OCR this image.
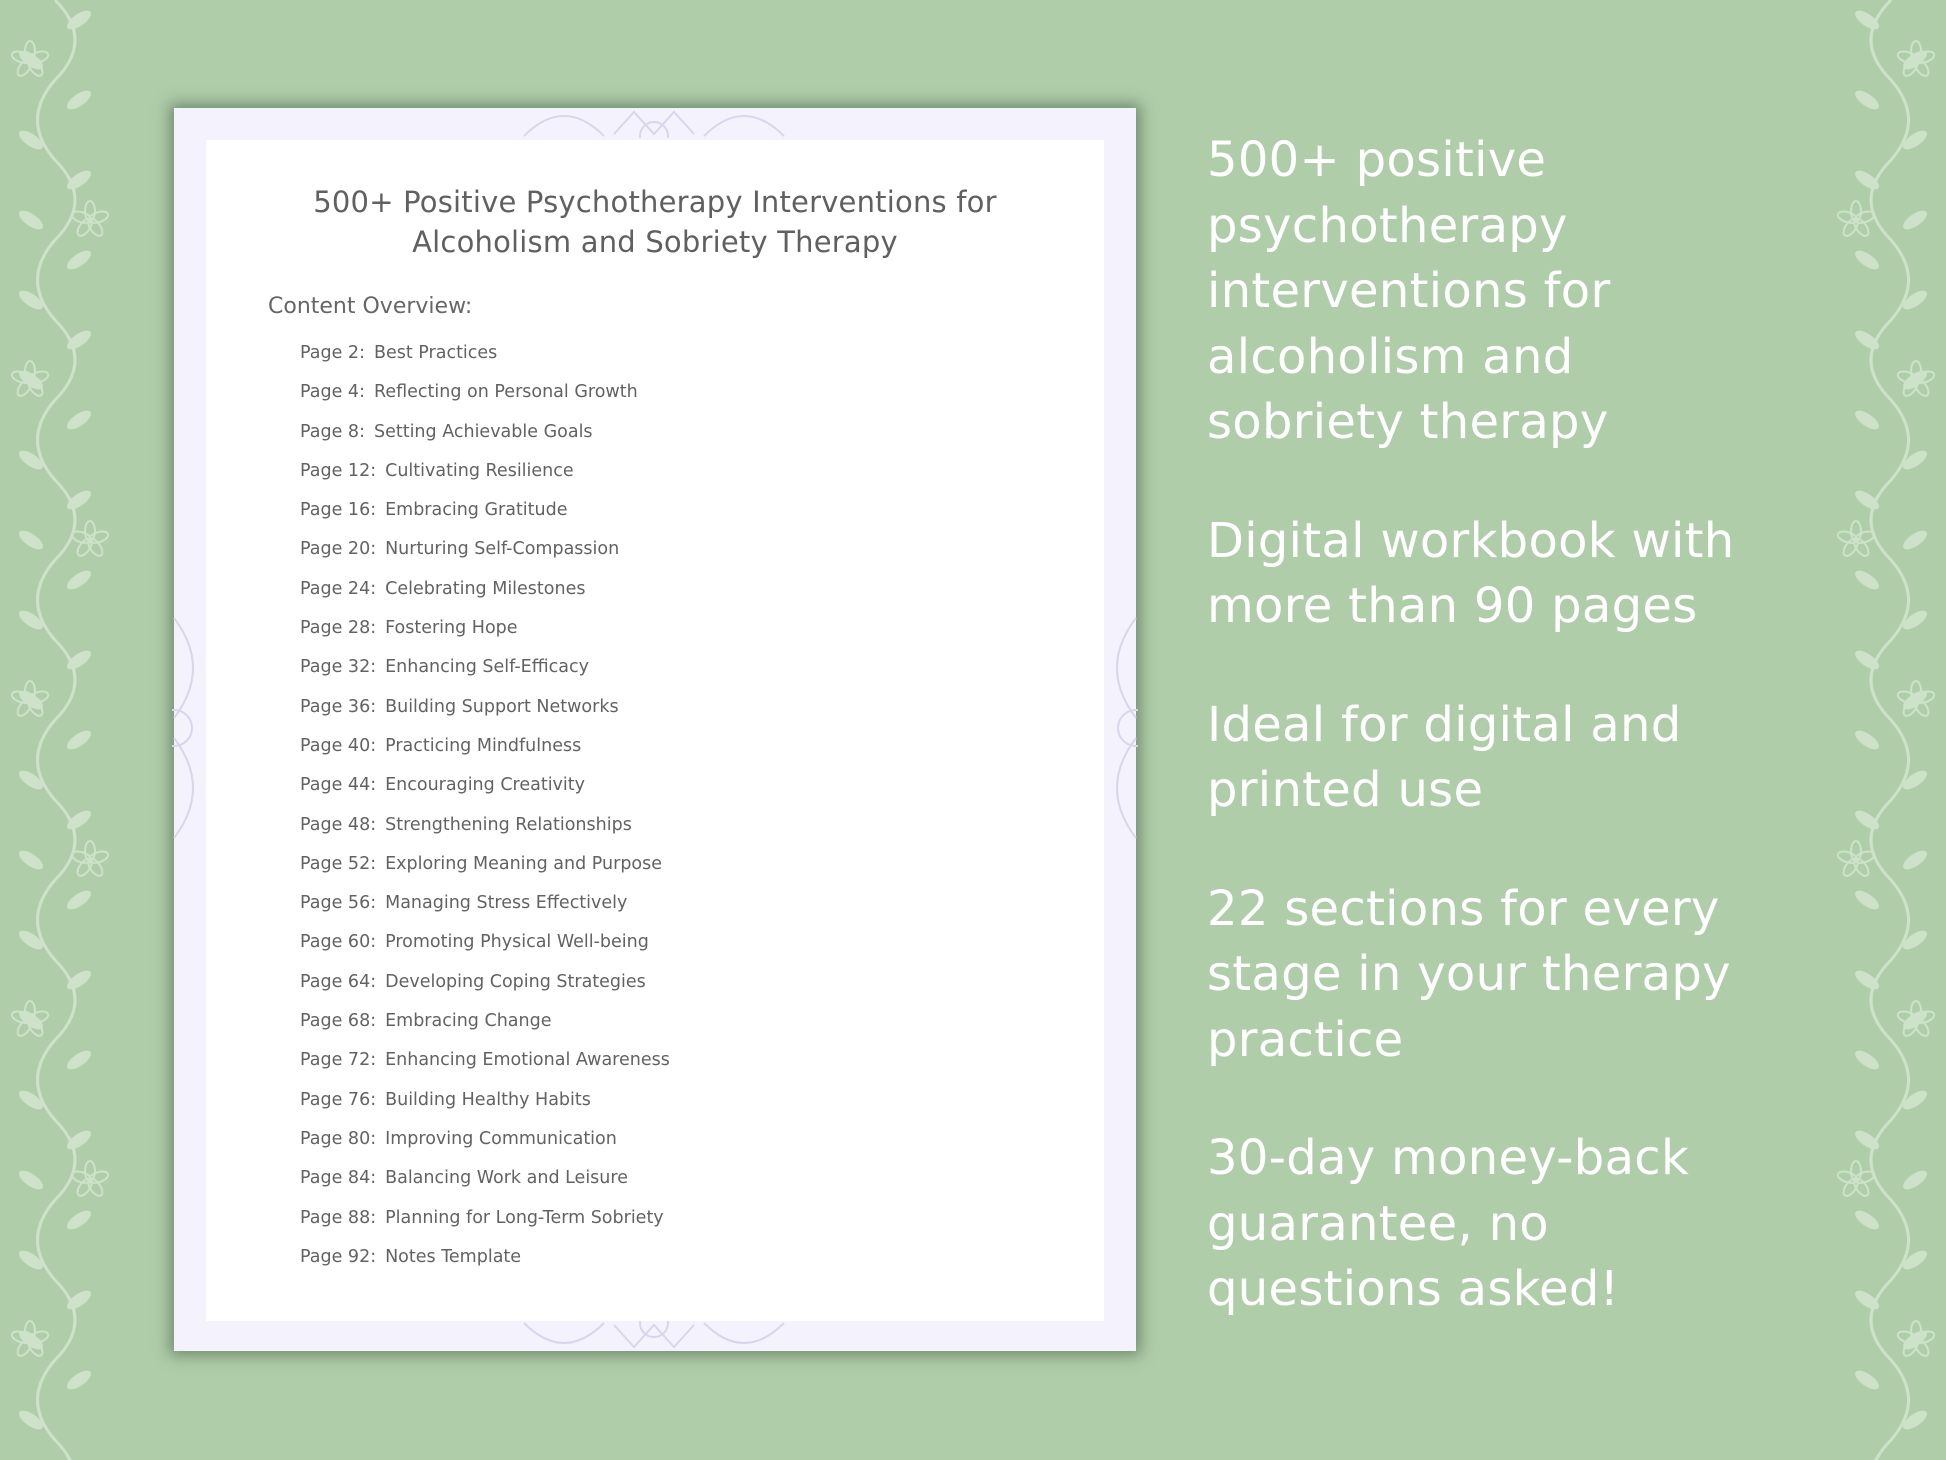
500+ Positive Psychotherapy Interventions for
Alcoholism and Sobriety Therapy
Content Overview:
Page 2: Best Practices
Page 4: Reflecting on Personal Growth
Page 8: Setting Achievable Goals
Page 12: Cultivating Resilience
Page 16: Embracing Gratitude
Page 20: Nurturing Self-Compassion
Page 24: Celebrating Milestones
Page 28: Fostering Hope
Page 32: Enhancing Self-Efficacy
Page 36: Building Support Networks
Page 40: Practicing Mindfulness
Page 44: Encouraging Creativity
Page 48: Strengthening Relationships
Page 52: Exploring Meaning and Purpose
Page 56: Managing Stress Effectively
Page 60: Promoting Physical Well-being
Page 64: Developing Coping Strategies
Page 68: Embracing Change
Page 72: Enhancing Emotional Awareness
Page 76: Building Healthy Habits
Page 80: Improving Communication
Page 84: Balancing Work and Leisure
Page 88: Planning for Long-Term Sobriety
Page 92: Notes Template
500+ positive
psychotherapy
interventions for
alcoholism and
sobriety therapy
Digital workbook with
more than 90 pages
Ideal for digital and
printed use
22 sections for every
stage in your therapy
practice
30-day money-back
guarantee, no
questions asked!
